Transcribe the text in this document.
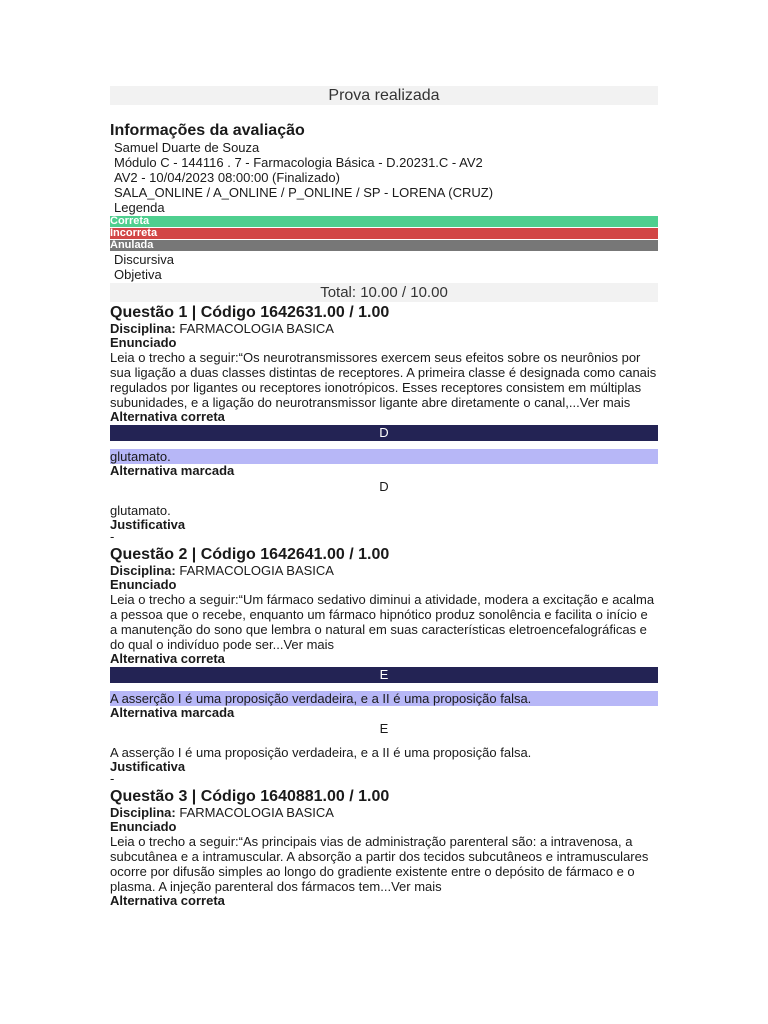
Prova realizada
Informações da avaliação
Samuel Duarte de Souza
Módulo C - 144116 . 7 - Farmacologia Básica - D.20231.C - AV2
AV2 - 10/04/2023 08:00:00 (Finalizado)
SALA_ONLINE / A_ONLINE / P_ONLINE / SP - LORENA (CRUZ)
Legenda
Correta
Incorreta
Anulada
Discursiva
Objetiva
Total: 10.00 / 10.00
Questão 1 | Código 1642631.00 / 1.00
Disciplina: FARMACOLOGIA BASICA
Enunciado
Leia o trecho a seguir:“Os neurotransmissores exercem seus efeitos sobre os neurônios por sua ligação a duas classes distintas de receptores. A primeira classe é designada como canais regulados por ligantes ou receptores ionotrópicos. Esses receptores consistem em múltiplas subunidades, e a ligação do neurotransmissor ligante abre diretamente o canal,...Ver mais
Alternativa correta
D
glutamato.
Alternativa marcada
D
glutamato.
Justificativa
-
Questão 2 | Código 1642641.00 / 1.00
Disciplina: FARMACOLOGIA BASICA
Enunciado
Leia o trecho a seguir:“Um fármaco sedativo diminui a atividade, modera a excitação e acalma a pessoa que o recebe, enquanto um fármaco hipnótico produz sonolência e facilita o início e a manutenção do sono que lembra o natural em suas características eletroencefalográficas e do qual o indivíduo pode ser...Ver mais
Alternativa correta
E
A asserção I é uma proposição verdadeira, e a II é uma proposição falsa.
Alternativa marcada
E
A asserção I é uma proposição verdadeira, e a II é uma proposição falsa.
Justificativa
-
Questão 3 | Código 1640881.00 / 1.00
Disciplina: FARMACOLOGIA BASICA
Enunciado
Leia o trecho a seguir:“As principais vias de administração parenteral são: a intravenosa, a subcutânea e a intramuscular. A absorção a partir dos tecidos subcutâneos e intramusculares ocorre por difusão simples ao longo do gradiente existente entre o depósito de fármaco e o plasma. A injeção parenteral dos fármacos tem...Ver mais
Alternativa correta
